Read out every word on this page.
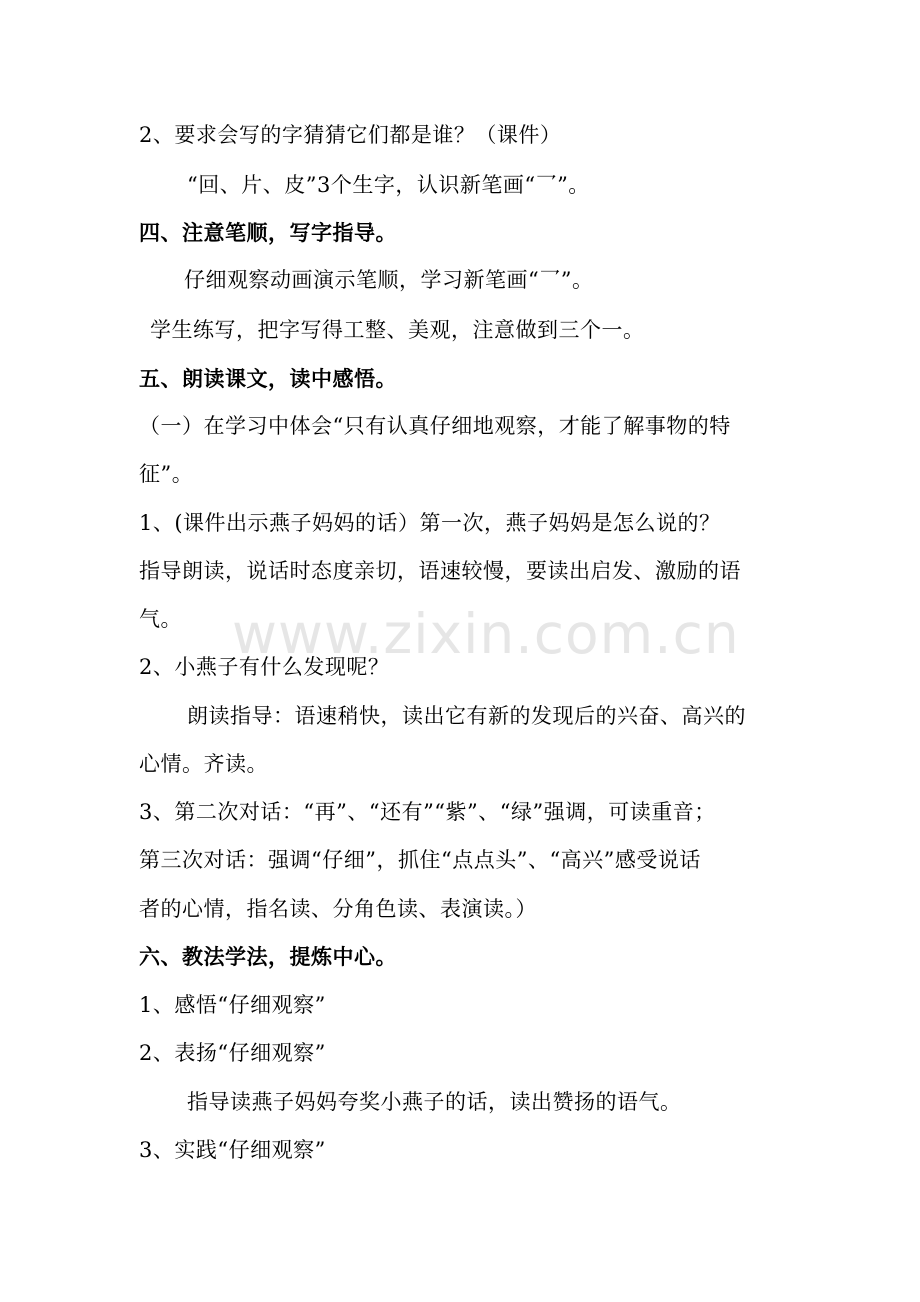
www.zixin.com.cn
2、要求会写的字猜猜它们都是谁？（课件）
“回、片、皮”3个生字，认识新笔画“乛”。
四、注意笔顺，写字指导。
仔细观察动画演示笔顺，学习新笔画“乛”。
学生练写，把字写得工整、美观，注意做到三个一。
五、朗读课文，读中感悟。
（一）在学习中体会“只有认真仔细地观察，才能了解事物的特
征”。
1、(课件出示燕子妈妈的话）第一次，燕子妈妈是怎么说的？
指导朗读，说话时态度亲切，语速较慢，要读出启发、激励的语
气。
2、小燕子有什么发现呢？
朗读指导：语速稍快，读出它有新的发现后的兴奋、高兴的
心情。齐读。
3、第二次对话：“再”、“还有”“紫”、“绿”强调，可读重音；
第三次对话：强调“仔细”，抓住“点点头”、“高兴”感受说话
者的心情，指名读、分角色读、表演读。）
六、教法学法，提炼中心。
1、感悟“仔细观察”
2、表扬“仔细观察”
指导读燕子妈妈夸奖小燕子的话，读出赞扬的语气。
3、实践“仔细观察”
